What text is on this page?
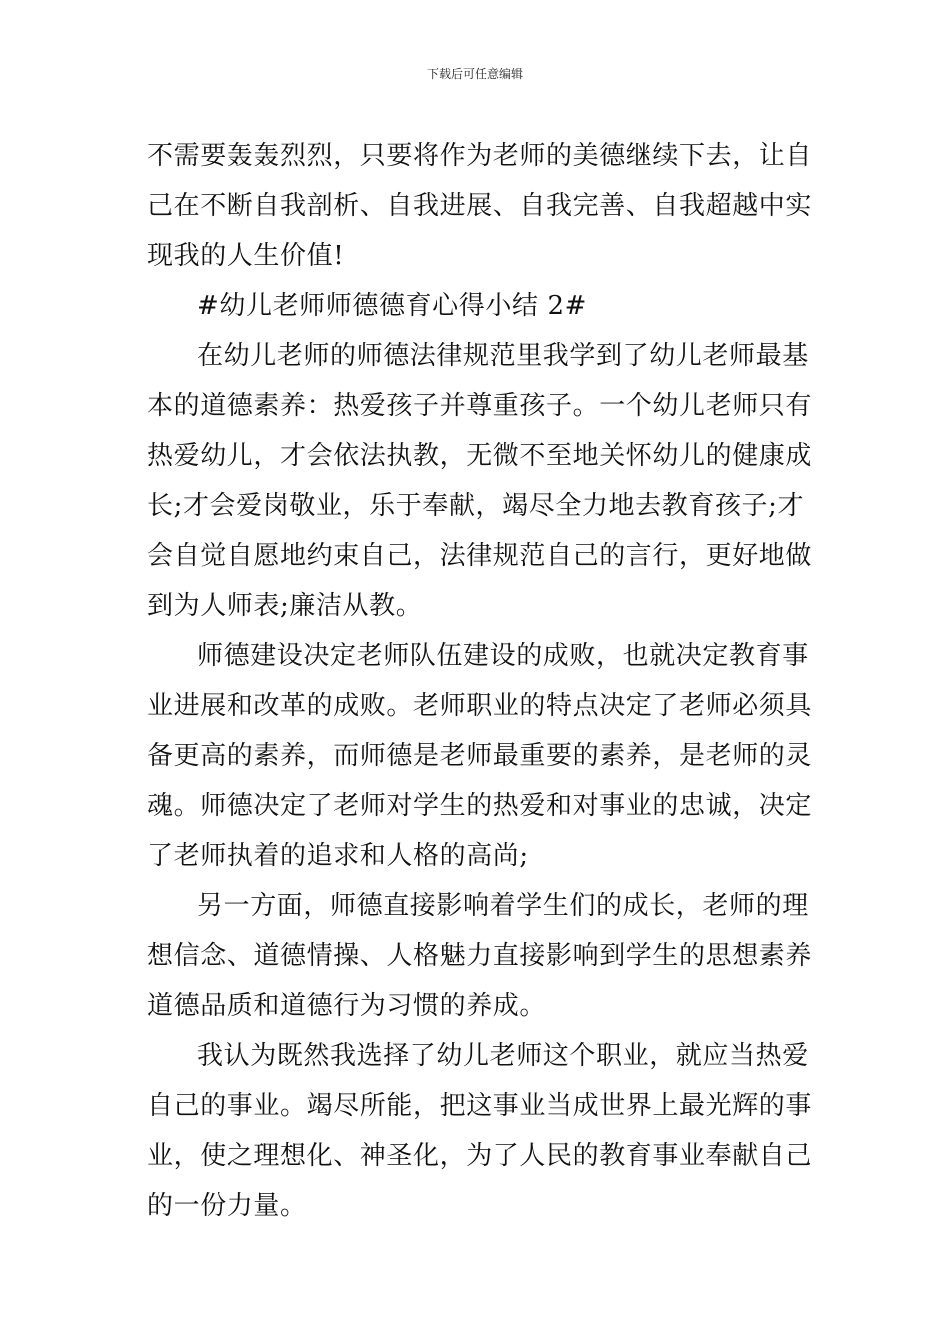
下载后可任意编辑
不需要轰轰烈烈，只要将作为老师的美德继续下去，让自
己在不断自我剖析、自我进展、自我完善、自我超越中实
现我的人生价值!
#幼儿老师师德德育心得小结 2#
在幼儿老师的师德法律规范里我学到了幼儿老师最基
本的道德素养：热爱孩子并尊重孩子。一个幼儿老师只有
热爱幼儿，才会依法执教，无微不至地关怀幼儿的健康成
长;才会爱岗敬业，乐于奉献，竭尽全力地去教育孩子;才
会自觉自愿地约束自己，法律规范自己的言行，更好地做
到为人师表;廉洁从教。
师德建设决定老师队伍建设的成败，也就决定教育事
业进展和改革的成败。老师职业的特点决定了老师必须具
备更高的素养，而师德是老师最重要的素养，是老师的灵
魂。师德决定了老师对学生的热爱和对事业的忠诚，决定
了老师执着的追求和人格的高尚;
另一方面，师德直接影响着学生们的成长，老师的理
想信念、道德情操、人格魅力直接影响到学生的思想素养
道德品质和道德行为习惯的养成。
我认为既然我选择了幼儿老师这个职业，就应当热爱
自己的事业。竭尽所能，把这事业当成世界上最光辉的事
业，使之理想化、神圣化，为了人民的教育事业奉献自己
的一份力量。
